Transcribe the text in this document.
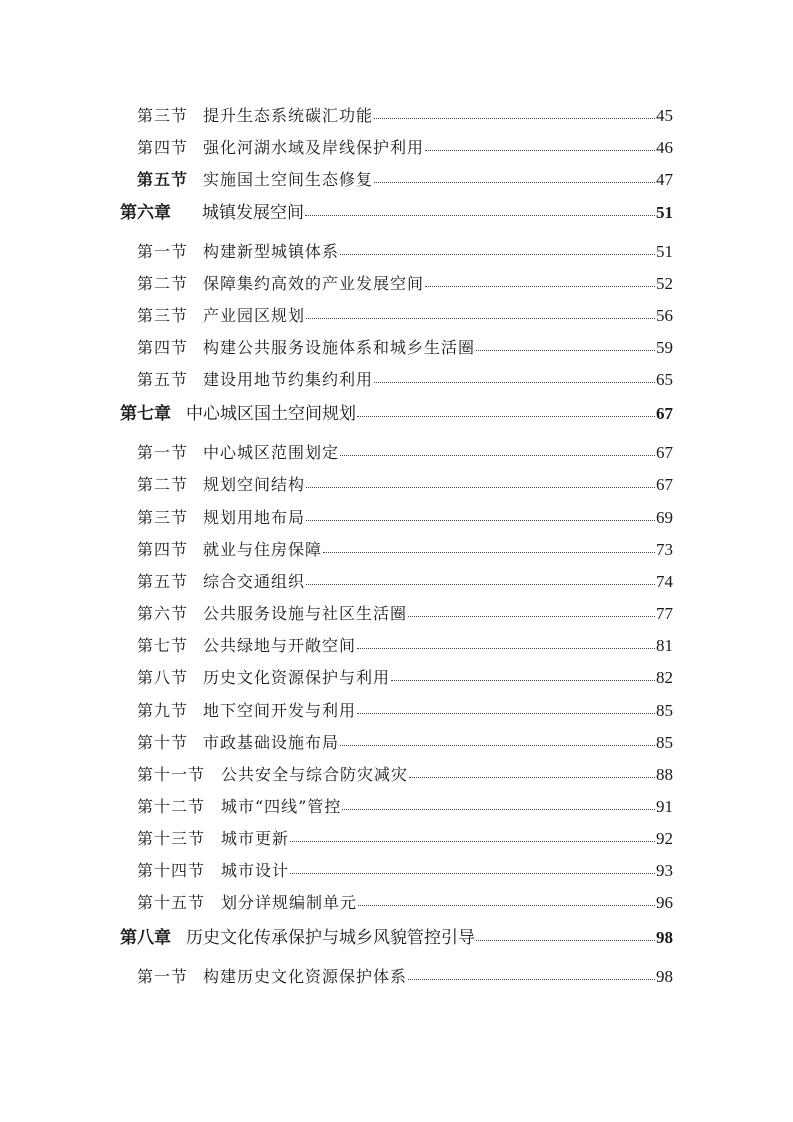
第三节 提升生态系统碳汇功能	45
第四节 强化河湖水域及岸线保护利用	46
第五节 实施国土空间生态修复	47
第六章	城镇发展空间	51
第一节 构建新型城镇体系	51
第二节 保障集约高效的产业发展空间	52
第三节 产业园区规划	56
第四节 构建公共服务设施体系和城乡生活圈	59
第五节 建设用地节约集约利用	65
第七章 中心城区国土空间规划	67
第一节 中心城区范围划定	67
第二节 规划空间结构	67
第三节 规划用地布局	69
第四节 就业与住房保障	73
第五节 综合交通组织	74
第六节 公共服务设施与社区生活圈	77
第七节 公共绿地与开敞空间	81
第八节 历史文化资源保护与利用	82
第九节 地下空间开发与利用	85
第十节 市政基础设施布局	85
第十一节 公共安全与综合防灾减灾	88
第十二节 城市“四线”管控	91
第十三节 城市更新	92
第十四节 城市设计	93
第十五节 划分详规编制单元	96
第八章 历史文化传承保护与城乡风貌管控引导	98
第一节 构建历史文化资源保护体系	98
